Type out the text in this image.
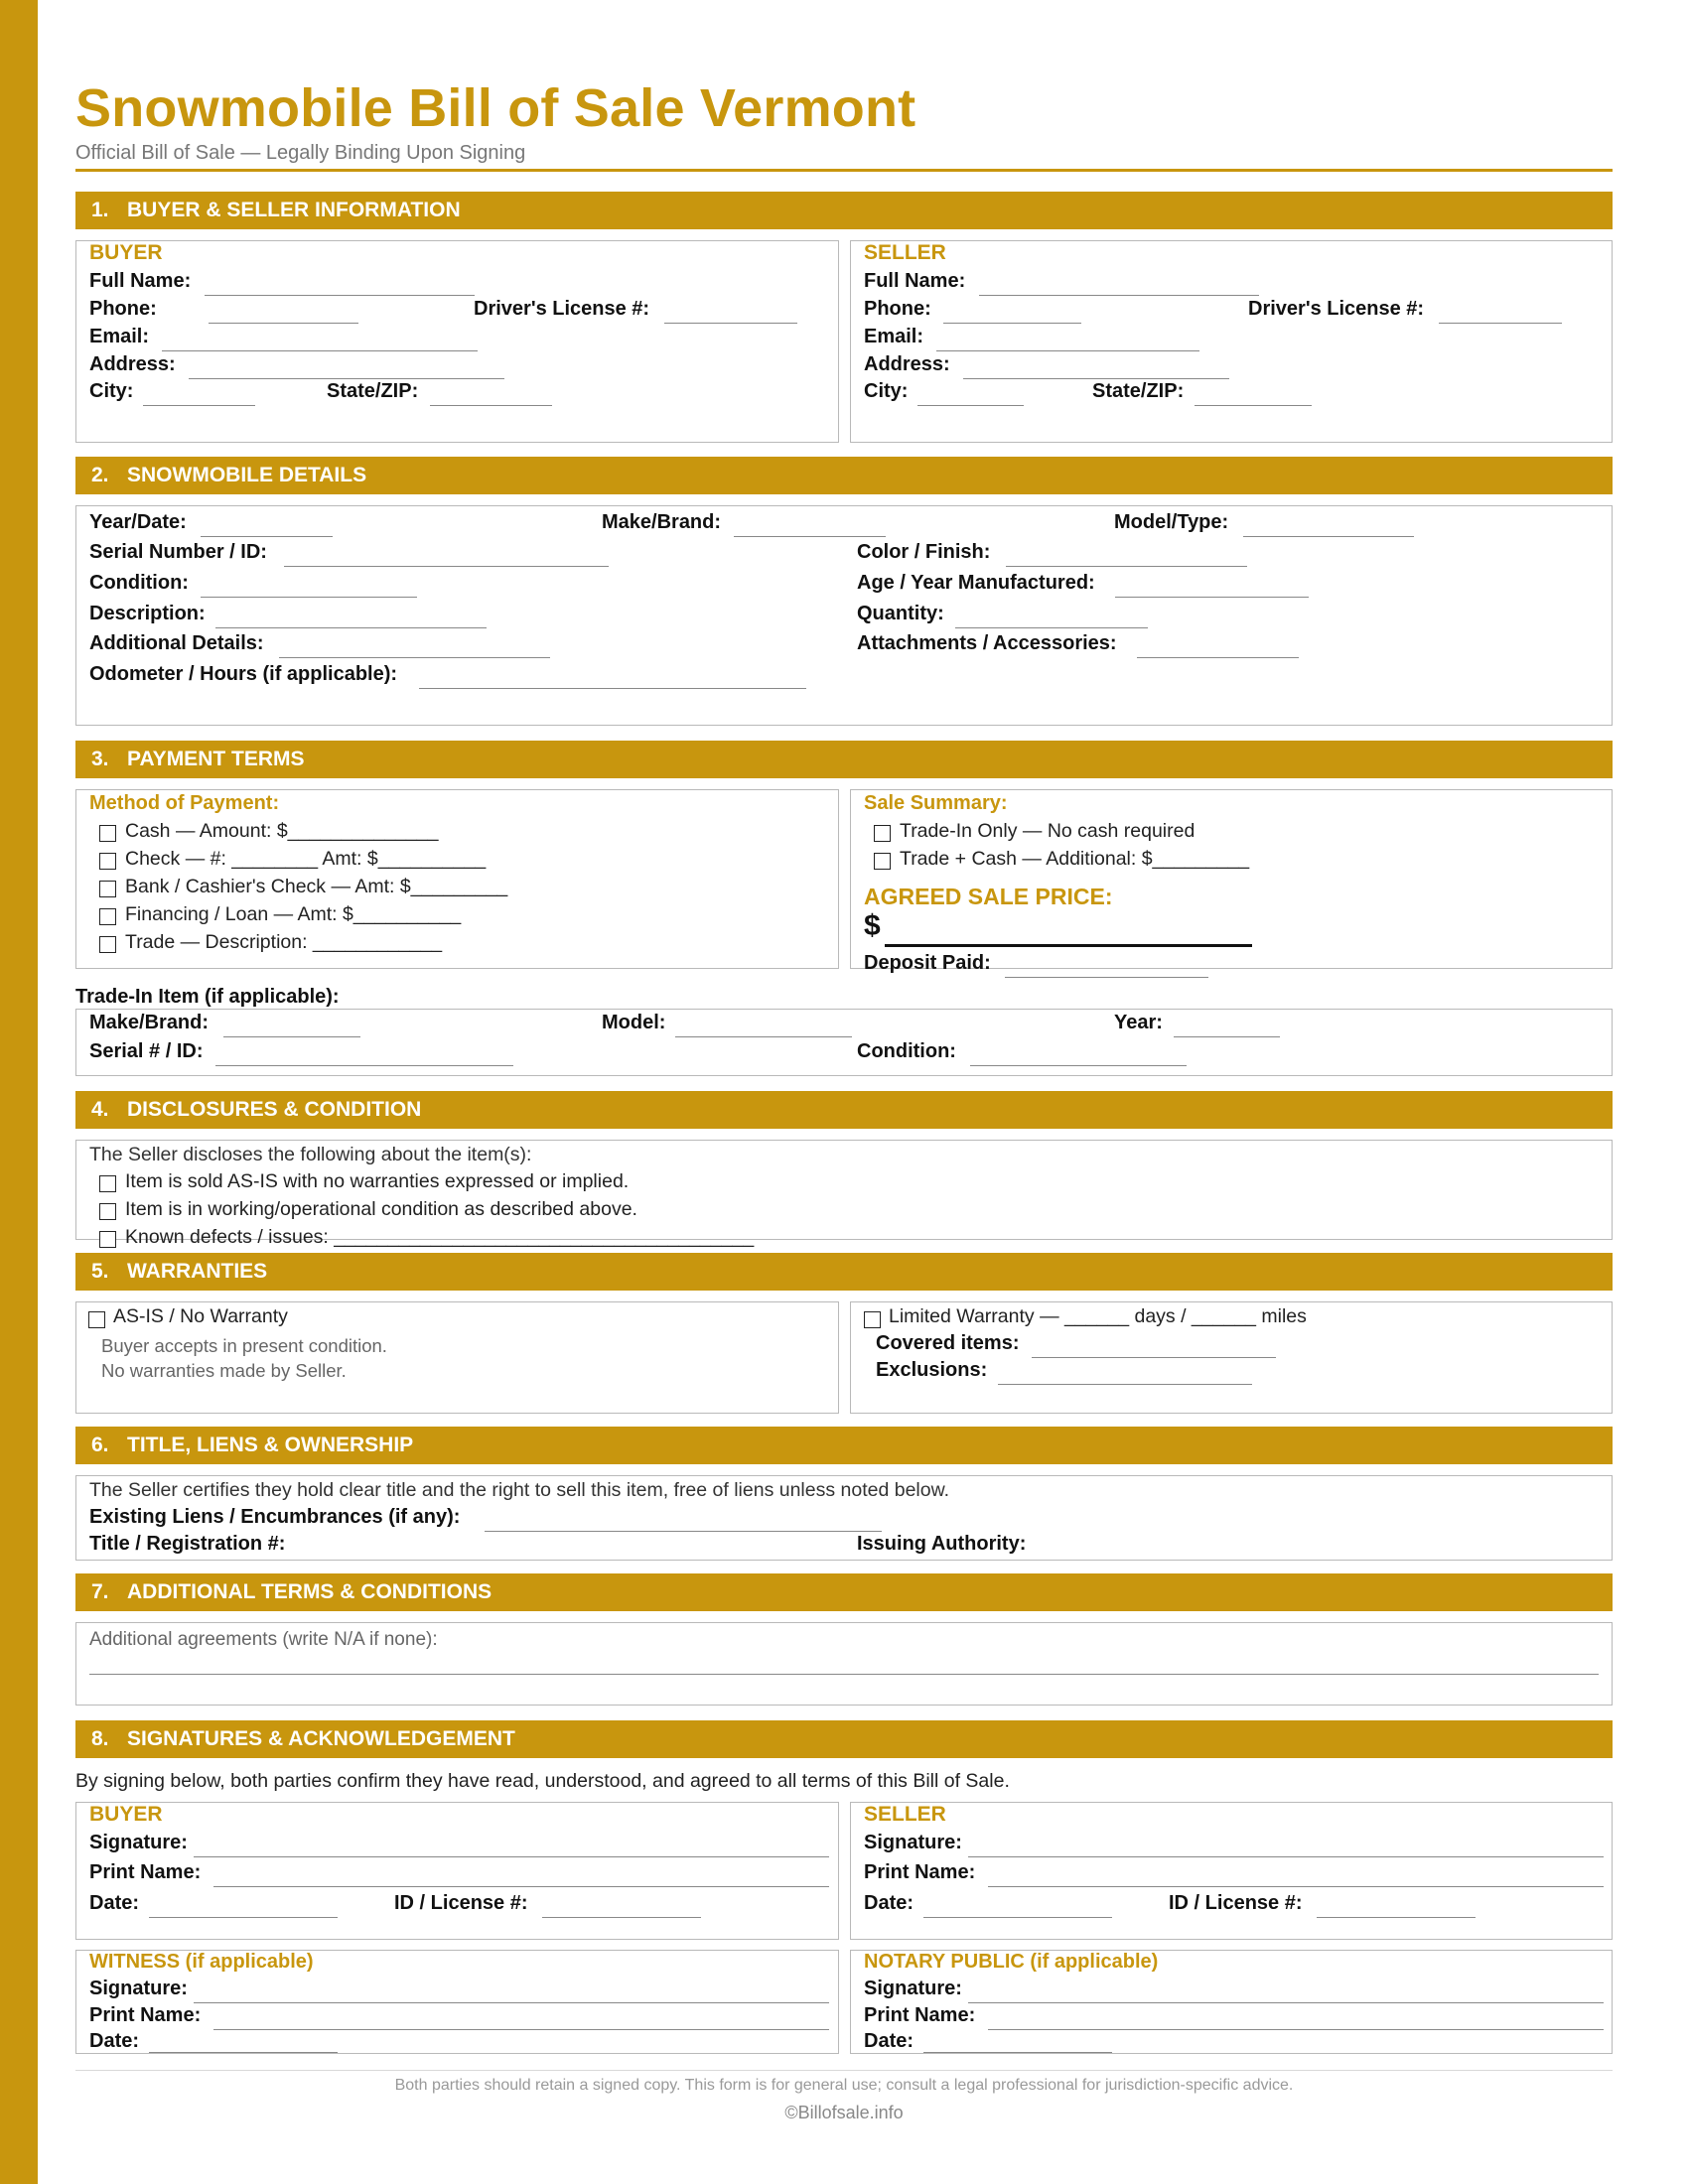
Snowmobile Bill of Sale Vermont
Official Bill of Sale — Legally Binding Upon Signing
1. BUYER & SELLER INFORMATION
BUYER
Full Name:
Phone:	Driver's License #:
Email:
Address:
City:	State/ZIP:
SELLER
Full Name:
Phone:	Driver's License #:
Email:
Address:
City:	State/ZIP:
2. SNOWMOBILE DETAILS
Year/Date:	Make/Brand:	Model/Type:
Serial Number / ID:	Color / Finish:
Condition:	Age / Year Manufactured:
Description:	Quantity:
Additional Details:	Attachments / Accessories:
Odometer / Hours (if applicable):
3. PAYMENT TERMS
Method of Payment:
Cash — Amount: $______________
Check — #: ________ Amt: $__________
Bank / Cashier's Check — Amt: $_________
Financing / Loan — Amt: $__________
Trade — Description: ____________
Sale Summary:
Trade-In Only — No cash required
Trade + Cash — Additional: $_________
AGREED SALE PRICE:
$
Deposit Paid:
Trade-In Item (if applicable):
Make/Brand:	Model:	Year:
Serial # / ID:	Condition:
4. DISCLOSURES & CONDITION
The Seller discloses the following about the item(s):
Item is sold AS-IS with no warranties expressed or implied.
Item is in working/operational condition as described above.
Known defects / issues: _______________________________________
5. WARRANTIES
AS-IS / No Warranty
Buyer accepts in present condition.
No warranties made by Seller.
Limited Warranty — ______ days / ______ miles
Covered items:
Exclusions:
6. TITLE, LIENS & OWNERSHIP
The Seller certifies they hold clear title and the right to sell this item, free of liens unless noted below.
Existing Liens / Encumbrances (if any):
Title / Registration #:	Issuing Authority:
7. ADDITIONAL TERMS & CONDITIONS
Additional agreements (write N/A if none):
8. SIGNATURES & ACKNOWLEDGEMENT
By signing below, both parties confirm they have read, understood, and agreed to all terms of this Bill of Sale.
BUYER
Signature:
Print Name:
Date:	ID / License #:
SELLER
Signature:
Print Name:
Date:	ID / License #:
WITNESS (if applicable)
Signature:
Print Name:
Date:
NOTARY PUBLIC (if applicable)
Signature:
Print Name:
Date:
Both parties should retain a signed copy. This form is for general use; consult a legal professional for jurisdiction-specific advice.
©Billofsale.info
